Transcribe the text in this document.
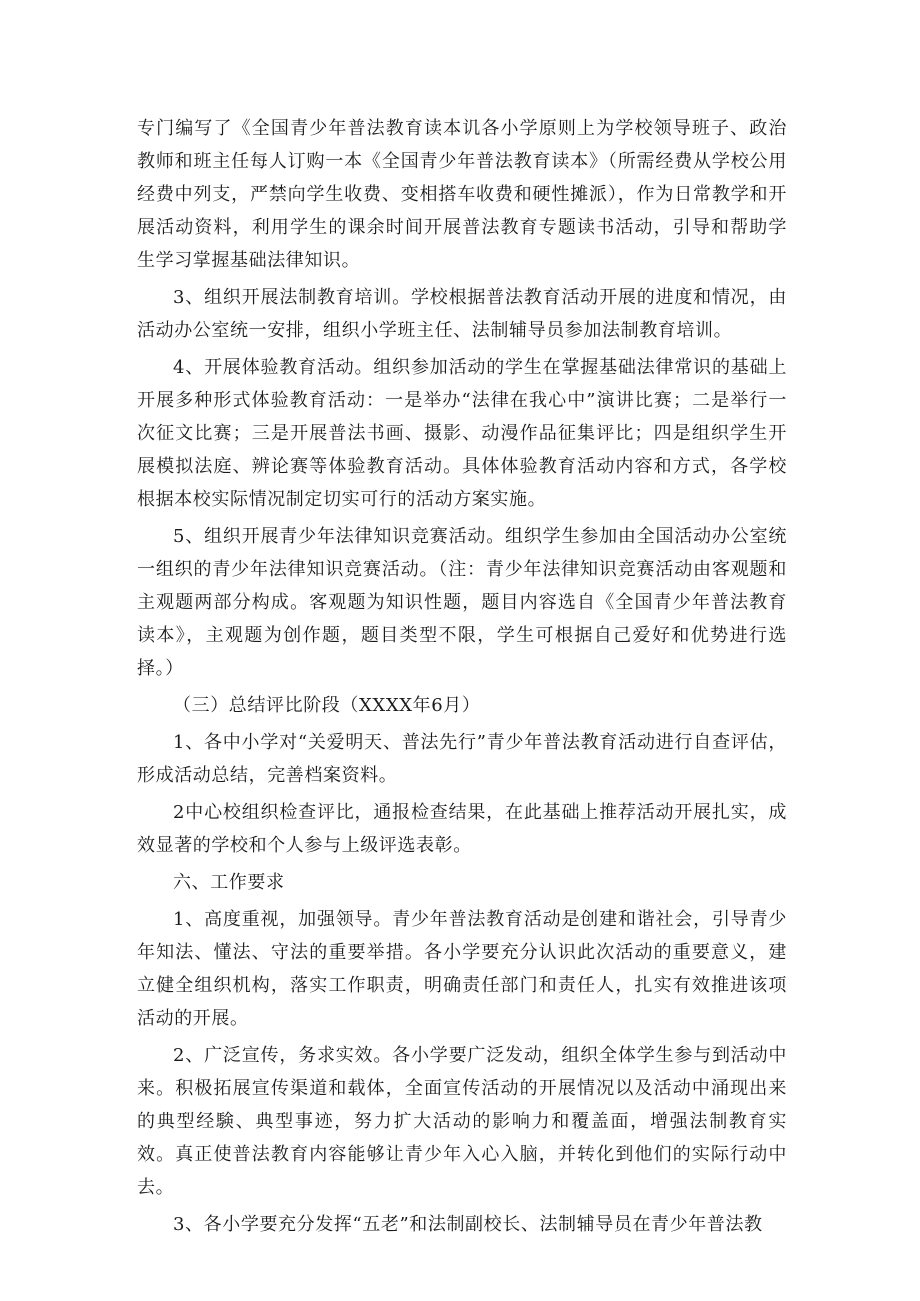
专门编写了《全国青少年普法教育读本讥各小学原则上为学校领导班子、政治教师和班主任每人订购一本《全国青少年普法教育读本》（所需经费从学校公用经费中列支，严禁向学生收费、变相搭车收费和硬性摊派），作为日常教学和开展活动资料，利用学生的课余时间开展普法教育专题读书活动，引导和帮助学生学习掌握基础法律知识。

3、组织开展法制教育培训。学校根据普法教育活动开展的进度和情况，由活动办公室统一安排，组织小学班主任、法制辅导员参加法制教育培训。

4、开展体验教育活动。组织参加活动的学生在掌握基础法律常识的基础上开展多种形式体验教育活动：一是举办“法律在我心中”演讲比赛；二是举行一次征文比赛；三是开展普法书画、摄影、动漫作品征集评比；四是组织学生开展模拟法庭、辨论赛等体验教育活动。具体体验教育活动内容和方式，各学校根据本校实际情况制定切实可行的活动方案实施。

5、组织开展青少年法律知识竞赛活动。组织学生参加由全国活动办公室统一组织的青少年法律知识竞赛活动。（注：青少年法律知识竞赛活动由客观题和主观题两部分构成。客观题为知识性题，题目内容选自《全国青少年普法教育读本》，主观题为创作题，题目类型不限，学生可根据自己爱好和优势进行选择。）

（三）总结评比阶段（XXXX年6月）

1、各中小学对“关爱明天、普法先行”青少年普法教育活动进行自查评估，形成活动总结，完善档案资料。

2中心校组织检查评比，通报检查结果，在此基础上推荐活动开展扎实，成效显著的学校和个人参与上级评选表彰。

六、工作要求

1、高度重视，加强领导。青少年普法教育活动是创建和谐社会，引导青少年知法、懂法、守法的重要举措。各小学要充分认识此次活动的重要意义，建立健全组织机构，落实工作职责，明确责任部门和责任人，扎实有效推进该项活动的开展。

2、广泛宣传，务求实效。各小学要广泛发动，组织全体学生参与到活动中来。积极拓展宣传渠道和载体，全面宣传活动的开展情况以及活动中涌现出来的典型经験、典型事迹，努力扩大活动的影响力和覆盖面，增强法制教育实效。真正使普法教育内容能够让青少年入心入脑，并转化到他们的实际行动中去。

3、各小学要充分发挥“五老”和法制副校长、法制辅导员在青少年普法教
